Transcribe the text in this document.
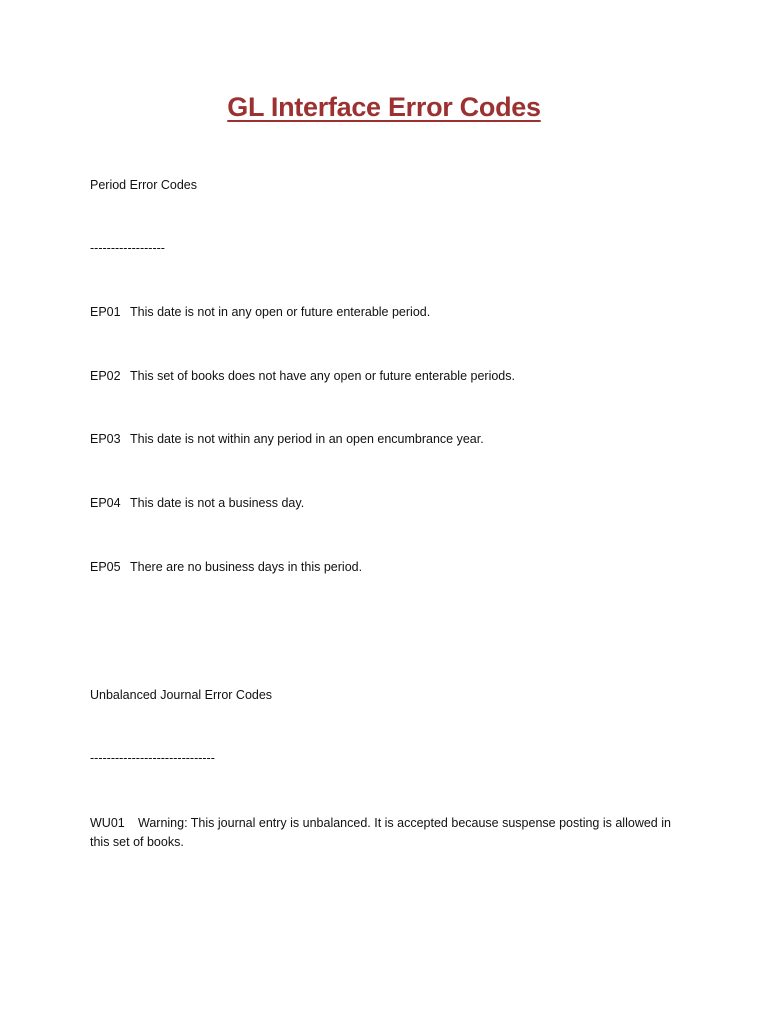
GL Interface Error Codes
Period Error Codes
------------------
EP01 This date is not in any open or future enterable period.
EP02 This set of books does not have any open or future enterable periods.
EP03 This date is not within any period in an open encumbrance year.
EP04 This date is not a business day.
EP05 There are no business days in this period.
Unbalanced Journal Error Codes
------------------------------
WU01 Warning: This journal entry is unbalanced. It is accepted because suspense posting is allowed in this set of books.
